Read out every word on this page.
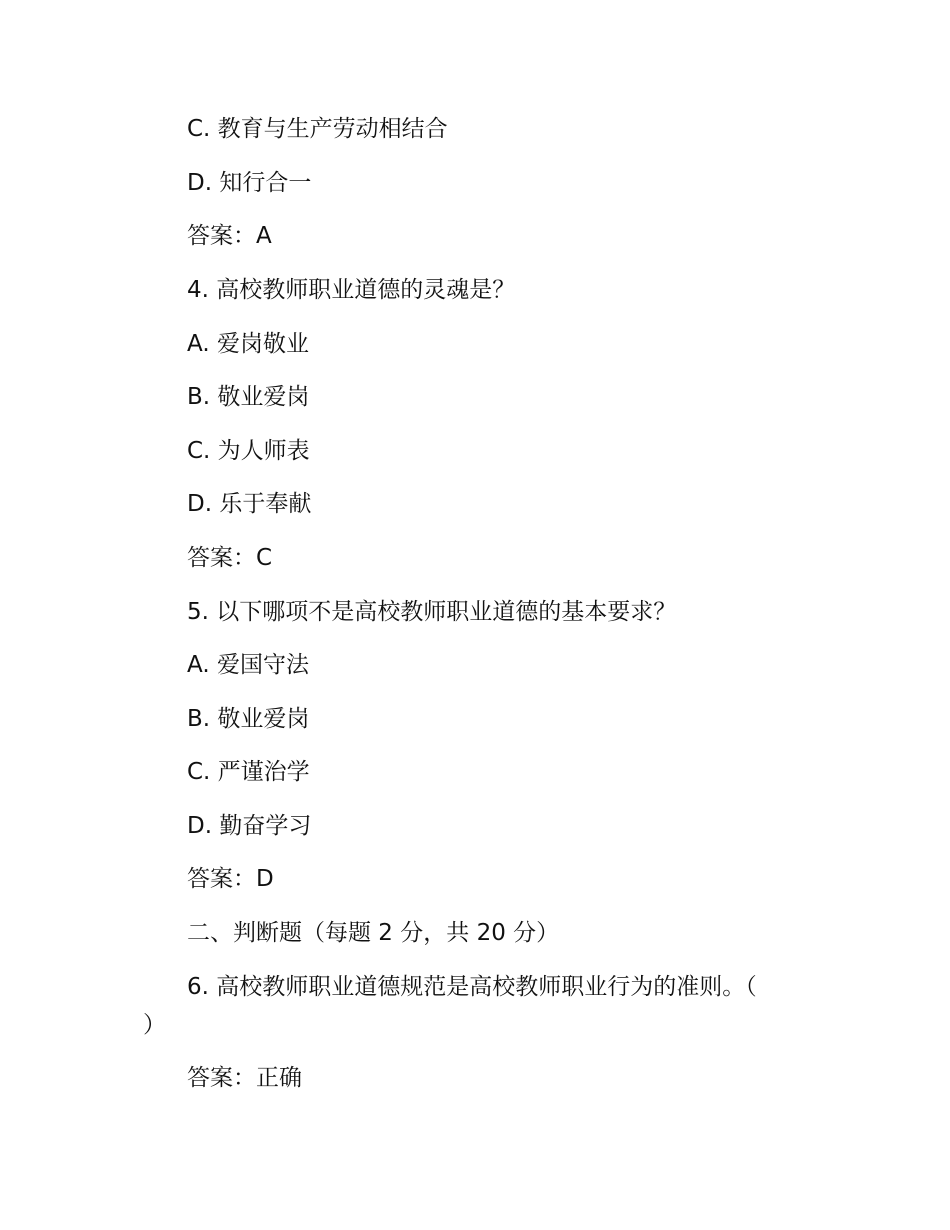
C. 教育与生产劳动相结合
D. 知行合一
答案：A
4. 高校教师职业道德的灵魂是？
A. 爱岗敬业
B. 敬业爱岗
C. 为人师表
D. 乐于奉献
答案：C
5. 以下哪项不是高校教师职业道德的基本要求？
A. 爱国守法
B. 敬业爱岗
C. 严谨治学
D. 勤奋学习
答案：D
二、判断题（每题 2 分，共 20 分）
6. 高校教师职业道德规范是高校教师职业行为的准则。（
）
答案：正确
